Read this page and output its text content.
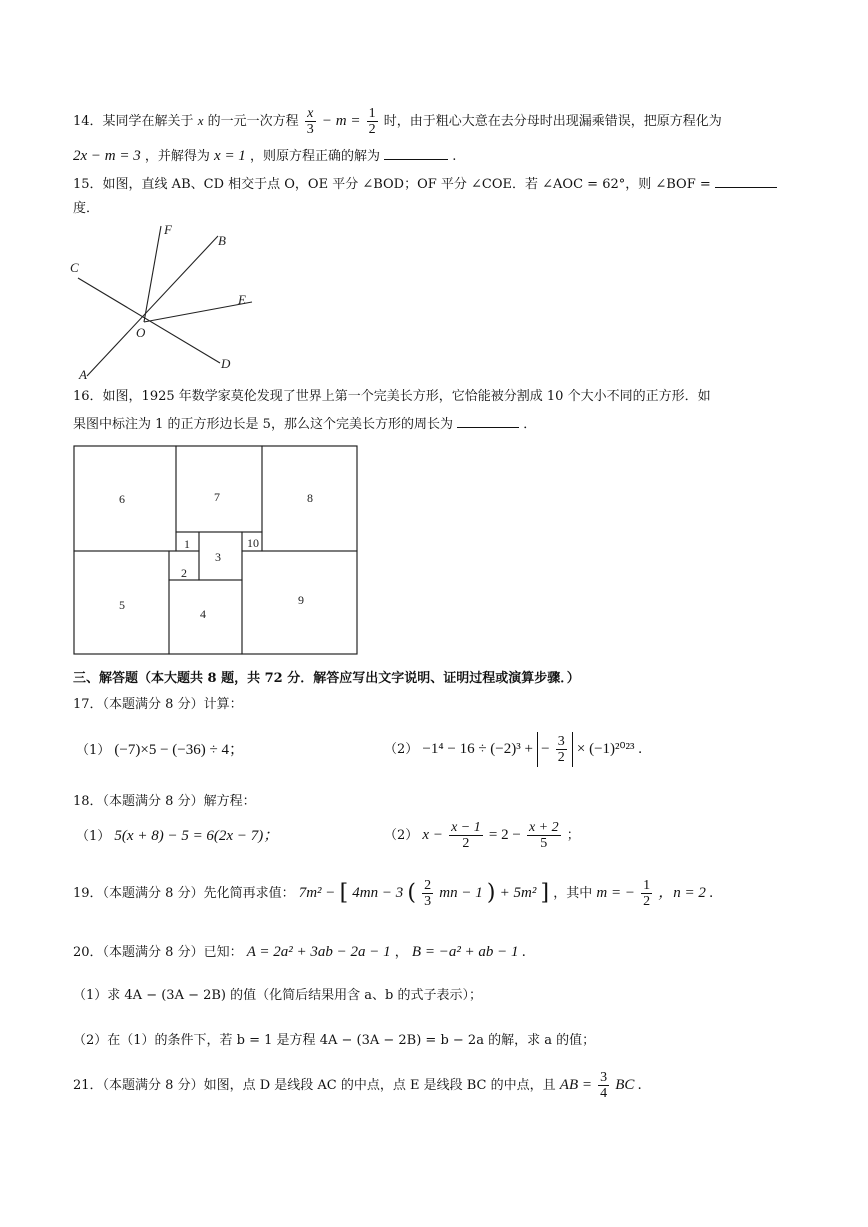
14．某同学在解关于 x 的一元一次方程 $\frac{x}{3} - m = \frac{1}{2}$ 时，由于粗心大意在去分母时出现漏乘错误，把原方程化为
2x − m = 3 ，并解得为 x = 1 ，则原方程正确的解为	.
15．如图，直线 AB、CD 相交于点 O，OE 平分 ∠BOD；OF 平分 ∠COE．若 ∠AOC = 62°，则 ∠BOF =
度．
F
B
C
E
O
A
D
16．如图，1925 年数学家莫伦发现了世界上第一个完美长方形，它恰能被分割成 10 个大小不同的正方形．如
果图中标注为 1 的正方形边长是 5，那么这个完美长方形的周长为	．
6	7	8
1
3
10
2
5
4
9
三、解答题（本大题共 8 题，共 72 分．解答应写出文字说明、证明过程或演算步骤．）
17．（本题满分 8 分）计算：
（1） (−7)×5 − (−36) ÷ 4；	（2） −1⁴ − 16 ÷ (−2)³ + − $\frac{3}{2} \times (-1)^{2023}$ .
18．（本题满分 8 分）解方程：
（1） 5(x + 8) − 5 = 6(2x − 7)；	（2） $x - \frac{x - 1}{2} = 2 - \frac{x + 2}{5}$ ；
19．（本题满分 8 分）先化简再求值： 7m² − [ 4mn − 3 ( $\frac{2}{3}$ mn − 1 ) + 5m² ] ，其中 m = − $\frac{1}{2}$ ，n = 2 .
20．（本题满分 8 分）已知： A = 2a² + 3ab − 2a − 1 ， B = −a² + ab − 1 .
（1）求 4A − (3A − 2B) 的值（化简后结果用含 a、b 的式子表示）；
（2）在（1）的条件下，若 b = 1 是方程 4A − (3A − 2B) = b − 2a 的解，求 a 的值；
21．（本题满分 8 分）如图，点 D 是线段 AC 的中点，点 E 是线段 BC 的中点，且 AB = $\frac{3}{4}$ BC .
